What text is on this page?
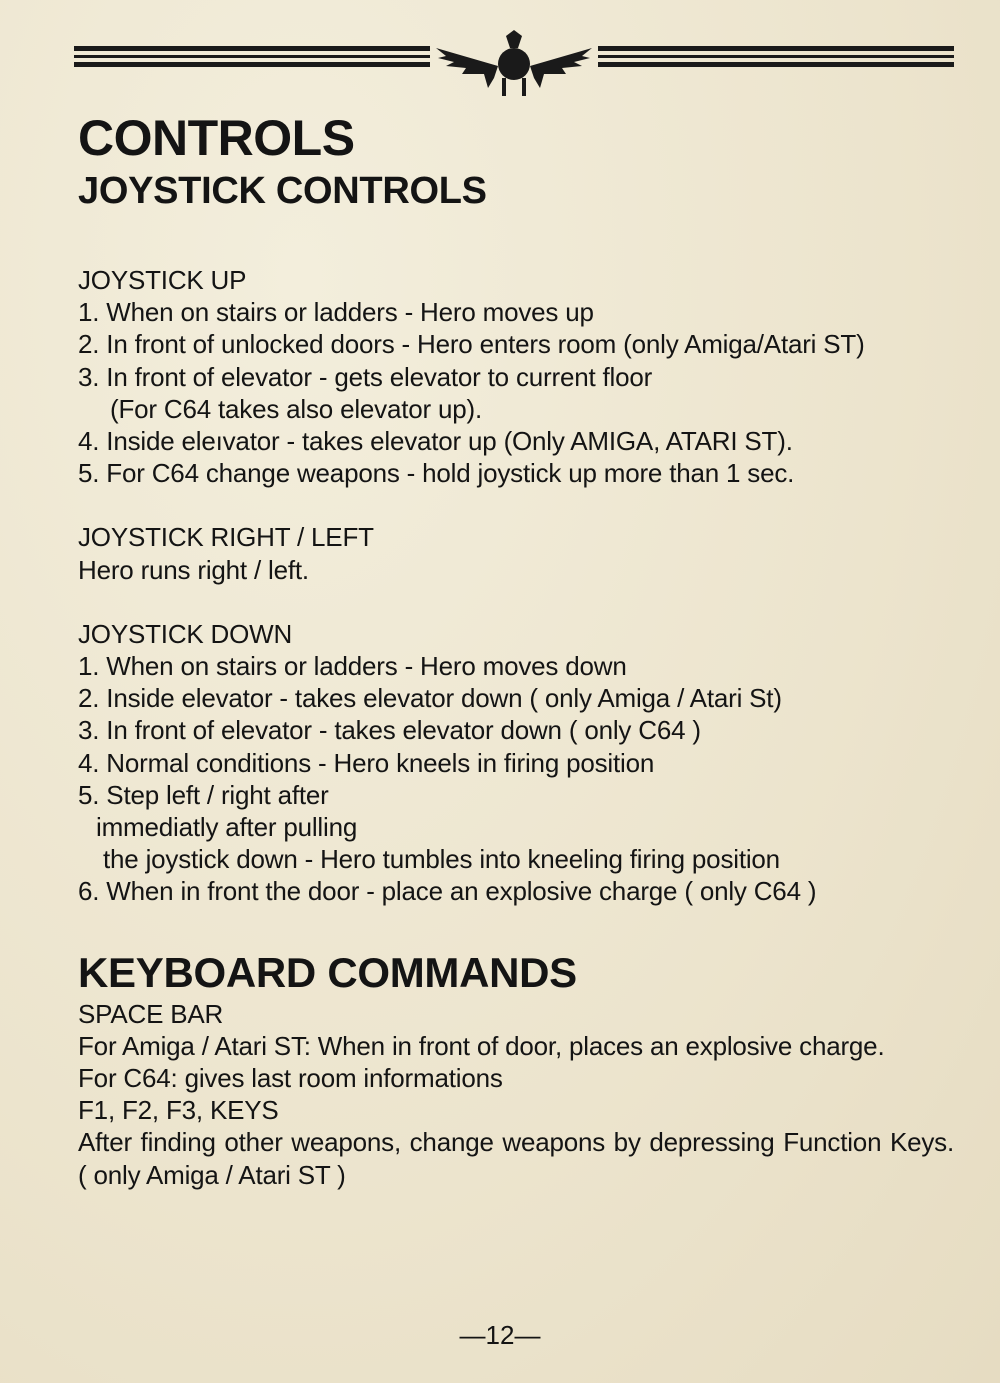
CONTROLS
JOYSTICK CONTROLS
JOYSTICK UP
1. When on stairs or ladders - Hero moves up
2. In front of unlocked doors - Hero enters room (only Amiga/Atari ST)
3. In front of elevator - gets elevator to current floor
(For C64 takes also elevator up).
4. Inside eleıvator - takes elevator up (Only AMIGA, ATARI ST).
5. For C64 change weapons - hold joystick up more than 1 sec.
JOYSTICK RIGHT / LEFT
Hero runs right / left.
JOYSTICK DOWN
1. When on stairs or ladders - Hero moves down
2. Inside elevator - takes elevator down ( only Amiga / Atari St)
3. In front of elevator - takes elevator down ( only C64 )
4. Normal conditions - Hero kneels in firing position
5. Step left / right after
immediatly after pulling
the joystick down - Hero tumbles into kneeling firing position
6. When in front the door - place an explosive charge ( only C64 )
KEYBOARD COMMANDS
SPACE BAR
For Amiga / Atari ST: When in front of door, places an explosive charge.
For C64: gives last room informations
F1, F2, F3, KEYS
After finding other weapons, change weapons by depressing Function Keys. ( only Amiga / Atari ST )
—12—
